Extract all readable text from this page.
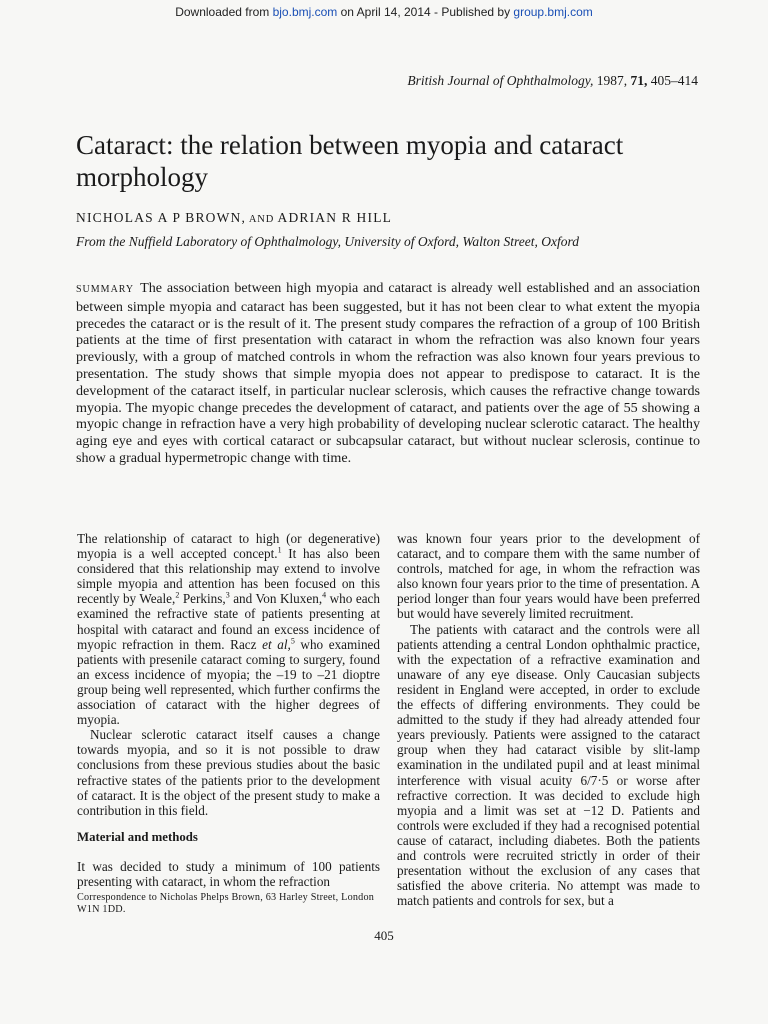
Downloaded from bjo.bmj.com on April 14, 2014 - Published by group.bmj.com
British Journal of Ophthalmology, 1987, 71, 405–414
Cataract: the relation between myopia and cataract morphology
NICHOLAS A P BROWN, AND ADRIAN R HILL
From the Nuffield Laboratory of Ophthalmology, University of Oxford, Walton Street, Oxford

SUMMARY The association between high myopia and cataract is already well established and an association between simple myopia and cataract has been suggested, but it has not been clear to what extent the myopia precedes the cataract or is the result of it. The present study compares the refraction of a group of 100 British patients at the time of first presentation with cataract in whom the refraction was also known four years previously, with a group of matched controls in whom the refraction was also known four years previous to presentation. The study shows that simple myopia does not appear to predispose to cataract. It is the development of the cataract itself, in particular nuclear sclerosis, which causes the refractive change towards myopia. The myopic change precedes the development of cataract, and patients over the age of 55 showing a myopic change in refraction have a very high probability of developing nuclear sclerotic cataract. The healthy aging eye and eyes with cortical cataract or subcapsular cataract, but without nuclear sclerosis, continue to show a gradual hypermetropic change with time.

The relationship of cataract to high (or degenerative) myopia is a well accepted concept.$^1$ It has also been considered that this relationship may extend to involve simple myopia and attention has been focused on this recently by Weale,$^2$ Perkins,$^3$ and Von Kluxen,$^4$ who each examined the refractive state of patients presenting at hospital with cataract and found an excess incidence of myopic refraction in them. Racz et al,$^5$ who examined patients with presenile cataract coming to surgery, found an excess incidence of myopia; the –19 to –21 dioptre group being well represented, which further confirms the association of cataract with the higher degrees of myopia.

Nuclear sclerotic cataract itself causes a change towards myopia, and so it is not possible to draw conclusions from these previous studies about the basic refractive states of the patients prior to the development of cataract. It is the object of the present study to make a contribution in this field.

Material and methods

It was decided to study a minimum of 100 patients presenting with cataract, in whom the refraction

Correspondence to Nicholas Phelps Brown, 63 Harley Street, London W1N 1DD.

was known four years prior to the development of cataract, and to compare them with the same number of controls, matched for age, in whom the refraction was also known four years prior to the time of presentation. A period longer than four years would have been preferred but would have severely limited recruitment.

The patients with cataract and the controls were all patients attending a central London ophthalmic practice, with the expectation of a refractive examination and unaware of any eye disease. Only Caucasian subjects resident in England were accepted, in order to exclude the effects of differing environments. They could be admitted to the study if they had already attended four years previously. Patients were assigned to the cataract group when they had cataract visible by slit-lamp examination in the undilated pupil and at least minimal interference with visual acuity 6/7·5 or worse after refractive correction. It was decided to exclude high myopia and a limit was set at −12 D. Patients and controls were excluded if they had a recognised potential cause of cataract, including diabetes. Both the patients and controls were recruited strictly in order of their presentation without the exclusion of any cases that satisfied the above criteria. No attempt was made to match patients and controls for sex, but a

405
